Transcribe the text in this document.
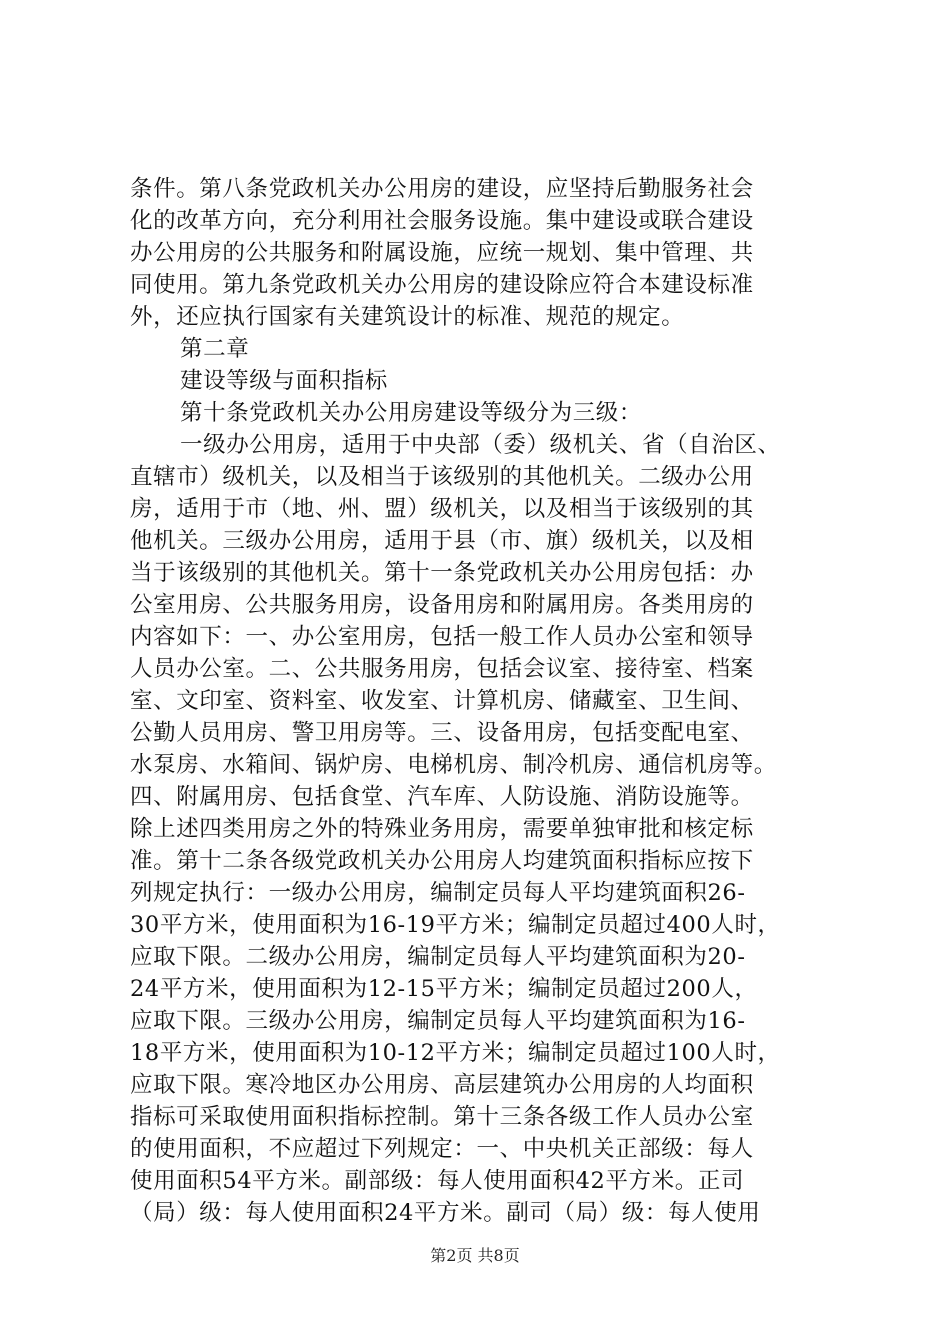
条件。第八条党政机关办公用房的建设，应坚持后勤服务社会
化的改革方向，充分利用社会服务设施。集中建设或联合建设
办公用房的公共服务和附属设施，应统一规划、集中管理、共
同使用。第九条党政机关办公用房的建设除应符合本建设标准
外，还应执行国家有关建筑设计的标准、规范的规定。
第二章
建设等级与面积指标
第十条党政机关办公用房建设等级分为三级：
一级办公用房，适用于中央部（委）级机关、省（自治区、
直辖市）级机关，以及相当于该级别的其他机关。二级办公用
房，适用于市（地、州、盟）级机关，以及相当于该级别的其
他机关。三级办公用房，适用于县（市、旗）级机关，以及相
当于该级别的其他机关。第十一条党政机关办公用房包括：办
公室用房、公共服务用房，设备用房和附属用房。各类用房的
内容如下：一、办公室用房，包括一般工作人员办公室和领导
人员办公室。二、公共服务用房，包括会议室、接待室、档案
室、文印室、资料室、收发室、计算机房、储藏室、卫生间、
公勤人员用房、警卫用房等。三、设备用房，包括变配电室、
水泵房、水箱间、锅炉房、电梯机房、制冷机房、通信机房等。
四、附属用房、包括食堂、汽车库、人防设施、消防设施等。
除上述四类用房之外的特殊业务用房，需要单独审批和核定标
准。第十二条各级党政机关办公用房人均建筑面积指标应按下
列规定执行：一级办公用房，编制定员每人平均建筑面积26-
30平方米，使用面积为16-19平方米；编制定员超过400人时，
应取下限。二级办公用房，编制定员每人平均建筑面积为20-
24平方米，使用面积为12-15平方米；编制定员超过200人，
应取下限。三级办公用房，编制定员每人平均建筑面积为16-
18平方米，使用面积为10-12平方米；编制定员超过100人时，
应取下限。寒冷地区办公用房、高层建筑办公用房的人均面积
指标可采取使用面积指标控制。第十三条各级工作人员办公室
的使用面积，不应超过下列规定：一、中央机关正部级：每人
使用面积54平方米。副部级：每人使用面积42平方米。正司
（局）级：每人使用面积24平方米。副司（局）级：每人使用
第2页 共8页
